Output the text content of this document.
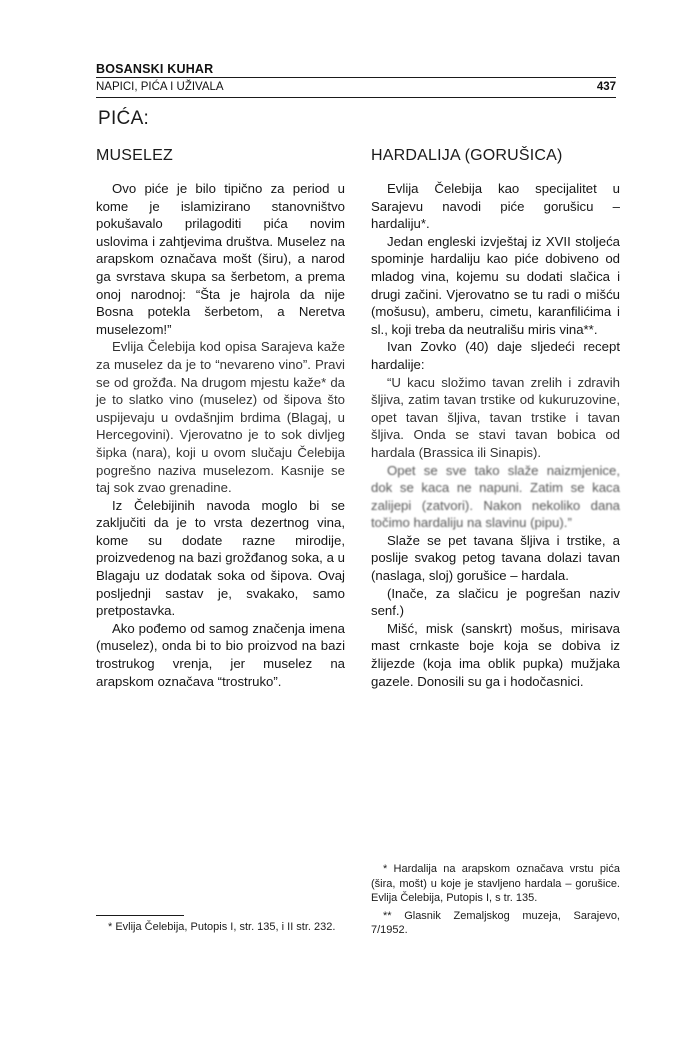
BOSANSKI KUHAR
NAPICI, PIĆA I UŽIVALA	437
PIĆA:
MUSELEZ

Ovo piće je bilo tipično za period u kome je islamizirano stanovništvo pokušavalo prilagoditi pića novim uslovima i zahtjevima društva. Muselez na arapskom označava mošt (širu), a narod ga svrstava skupa sa šerbetom, a prema onoj narodnoj: “Šta je hajrola da nije Bosna potekla šerbetom, a Neretva muselezom!”

Evlija Čelebija kod opisa Sarajeva kaže za muselez da je to “nevareno vino”. Pravi se od grožđa. Na drugom mjestu kaže* da je to slatko vino (muselez) od šipova što uspijevaju u ovdašnjim brdima (Blagaj, u Hercegovini). Vjerovatno je to sok divljeg šipka (nara), koji u ovom slučaju Čelebija pogrešno naziva muselezom. Kasnije se taj sok zvao grenadine.

Iz Čelebijinih navoda moglo bi se zaključiti da je to vrsta dezertnog vina, kome su dodate razne mirodije, proizvedenog na bazi grožđanog soka, a u Blagaju uz dodatak soka od šipova. Ovaj posljednji sastav je, svakako, samo pretpostavka.

Ako pođemo od samog značenja imena (muselez), onda bi to bio proizvod na bazi trostrukog vrenja, jer muselez na arapskom označava “trostruko”.

HARDALIJA (GORUŠICA)

Evlija Čelebija kao specijalitet u Sarajevu navodi piće gorušicu – hardaliju*.

Jedan engleski izvještaj iz XVII stoljeća spominje hardaliju kao piće dobiveno od mladog vina, kojemu su dodati slačica i drugi začini. Vjerovatno se tu radi o mišću (mošusu), amberu, cimetu, karanfilićima i sl., koji treba da neutrališu miris vina**.

Ivan Zovko (40) daje sljedeći recept hardalije:

“U kacu složimo tavan zrelih i zdravih šljiva, zatim tavan trstike od kukuruzovine, opet tavan šljiva, tavan trstike i tavan šljiva. Onda se stavi tavan bobica od hardala (Brassica ili Sinapis).

Opet se sve tako slaže naizmjenice, dok se kaca ne napuni. Zatim se kaca zalijepi (zatvori). Nakon nekoliko dana točimo hardaliju na slavinu (pipu).”

Slaže se pet tavana šljiva i trstike, a poslije svakog petog tavana dolazi tavan (naslaga, sloj) gorušice – hardala.

(Inače, za slačicu je pogrešan naziv senf.)

Mišć, misk (sanskrt) mošus, mirisava mast crnkaste boje koja se dobiva iz žlijezde (koja ima oblik pupka) mužjaka gazele. Donosili su ga i hodočasnici.

* Evlija Čelebija, Putopis I, str. 135, i II str. 232.

* Hardalija na arapskom označava vrstu pića (šira, mošt) u koje je stavljeno hardala – gorušice. Evlija Čelebija, Putopis I, s tr. 135.

** Glasnik Zemaljskog muzeja, Sarajevo, 7/1952.
